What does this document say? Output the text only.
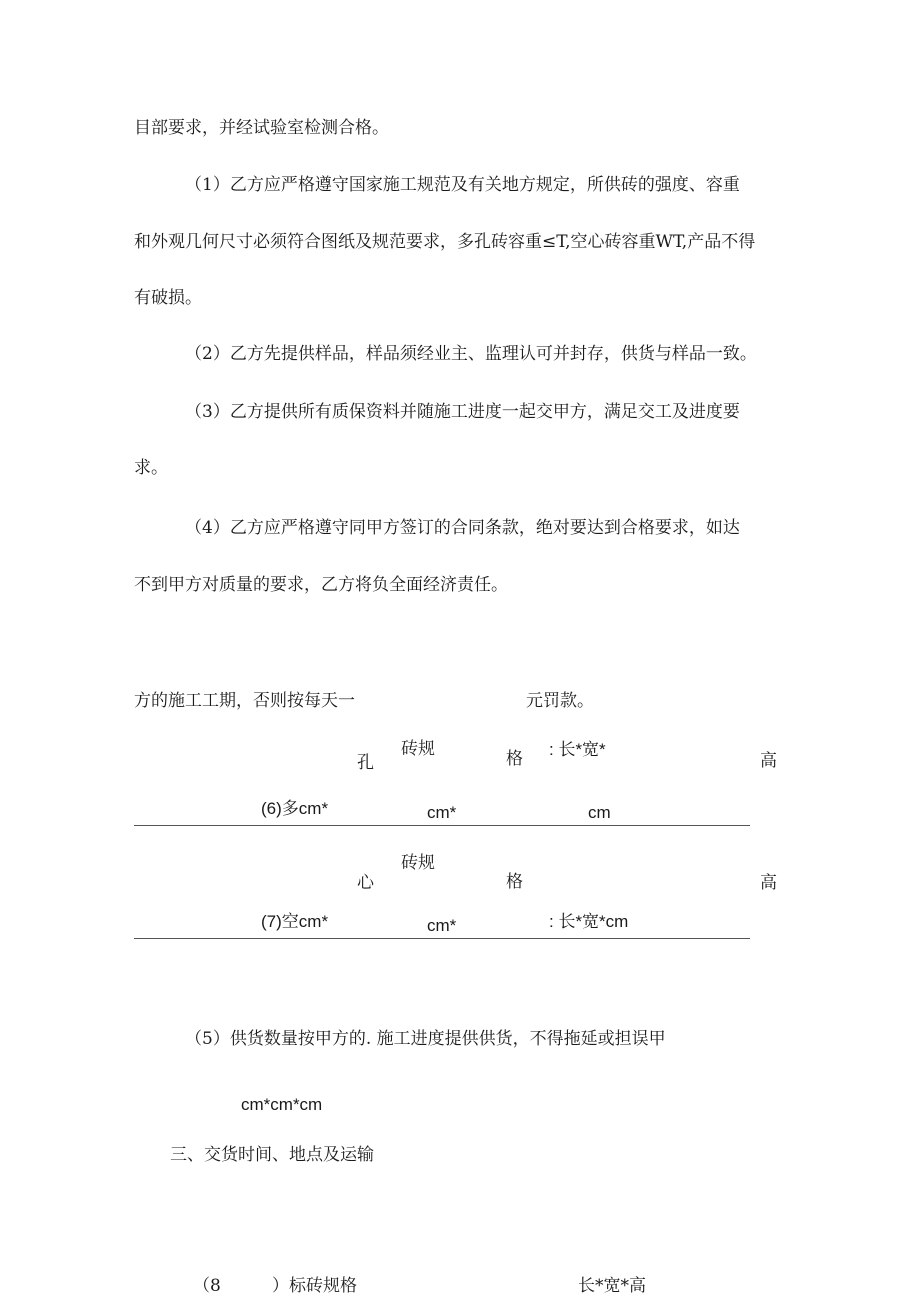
目部要求，并经试验室检测合格。
（1）乙方应严格遵守国家施工规范及有关地方规定，所供砖的强度、容重
和外观几何尺寸必须符合图纸及规范要求，多孔砖容重≤T,空心砖容重WT,产品不得
有破损。
（2）乙方先提供样品，样品须经业主、监理认可并封存，供货与样品一致。
（3）乙方提供所有质保资料并随施工进度一起交甲方，满足交工及进度要
求。
（4）乙方应严格遵守同甲方签订的合同条款，绝对要达到合格要求，如达
不到甲方对质量的要求，乙方将负全面经济责任。
方的施工工期，否则按每天一	元罚款。
砖规	: 长*宽*
孔	格	高
(6)多cm*	cm*	cm
砖规
心	格	高
(7)空cm*	cm*	: 长*宽*cm
（5）供货数量按甲方的. 施工进度提供供货，不得拖延或担误甲
cm*cm*cm
三、交货时间、地点及运输
（8	）标砖规格	长*宽*高
